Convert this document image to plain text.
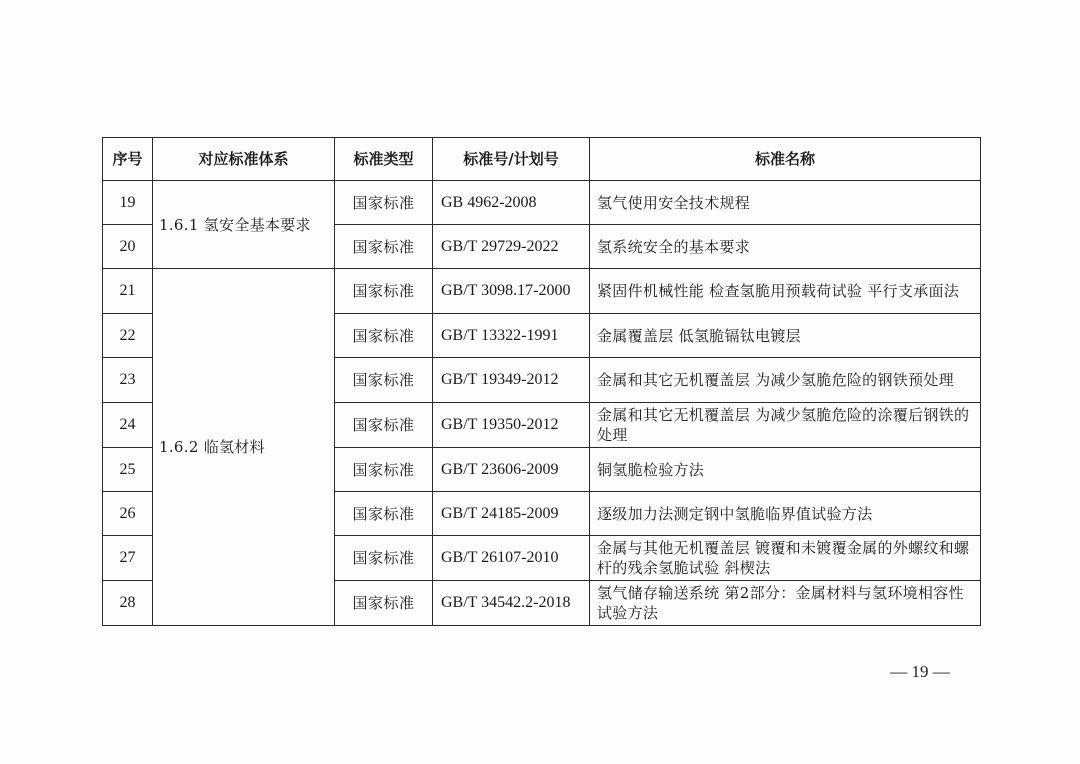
序号	对应标准体系	标准类型	标准号/计划号	标准名称
19	1.6.1 氢安全基本要求	国家标准	GB 4962-2008	氢气使用安全技术规程
20		国家标准	GB/T 29729-2022	氢系统安全的基本要求
21	1.6.2 临氢材料	国家标准	GB/T 3098.17-2000	紧固件机械性能 检查氢脆用预载荷试验 平行支承面法
22		国家标准	GB/T 13322-1991	金属覆盖层 低氢脆镉钛电镀层
23		国家标准	GB/T 19349-2012	金属和其它无机覆盖层 为减少氢脆危险的钢铁预处理
24		国家标准	GB/T 19350-2012	金属和其它无机覆盖层 为减少氢脆危险的涂覆后钢铁的处理
25		国家标准	GB/T 23606-2009	铜氢脆检验方法
26		国家标准	GB/T 24185-2009	逐级加力法测定钢中氢脆临界值试验方法
27		国家标准	GB/T 26107-2010	金属与其他无机覆盖层 镀覆和未镀覆金属的外螺纹和螺杆的残余氢脆试验 斜楔法
28		国家标准	GB/T 34542.2-2018	氢气储存输送系统 第2部分：金属材料与氢环境相容性试验方法
— 19 —
